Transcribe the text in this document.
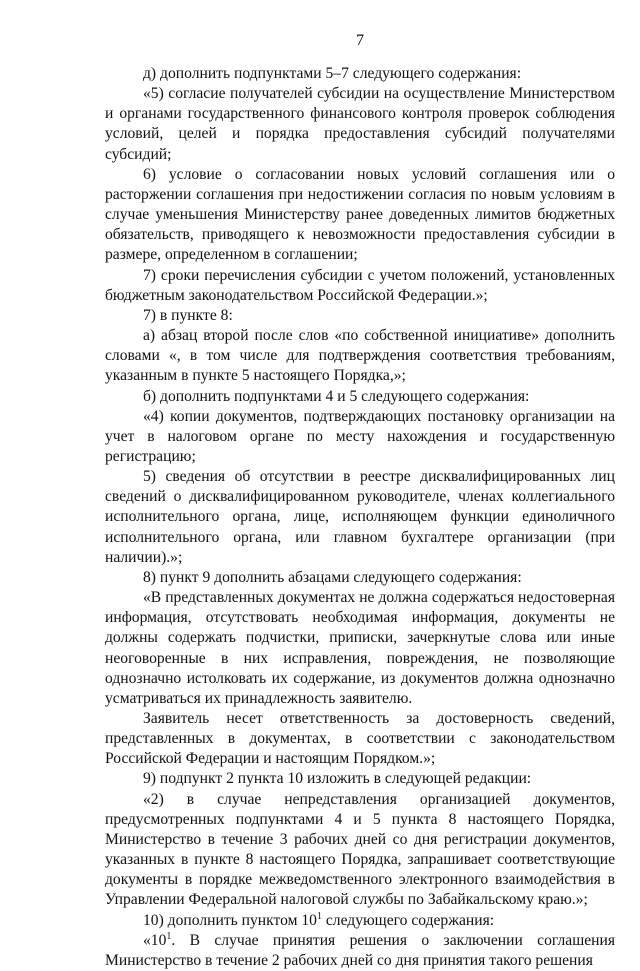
7

д) дополнить подпунктами 5–7 следующего содержания:

«5) согласие получателей субсидии на осуществление Министерством и органами государственного финансового контроля проверок соблюдения условий, целей и порядка предоставления субсидий получателями субсидий;

6) условие о согласовании новых условий соглашения или о расторжении соглашения при недостижении согласия по новым условиям в случае уменьшения Министерству ранее доведенных лимитов бюджетных обязательств, приводящего к невозможности предоставления субсидии в размере, определенном в соглашении;

7) сроки перечисления субсидии с учетом положений, установленных бюджетным законодательством Российской Федерации.»;

7) в пункте 8:

а) абзац второй после слов «по собственной инициативе» дополнить словами «, в том числе для подтверждения соответствия требованиям, указанным в пункте 5 настоящего Порядка,»;

б) дополнить подпунктами 4 и 5 следующего содержания:

«4) копии документов, подтверждающих постановку организации на учет в налоговом органе по месту нахождения и государственную регистрацию;

5) сведения об отсутствии в реестре дисквалифицированных лиц сведений о дисквалифицированном руководителе, членах коллегиального исполнительного органа, лице, исполняющем функции единоличного исполнительного органа, или главном бухгалтере организации (при наличии).»;

8) пункт 9 дополнить абзацами следующего содержания:

«В представленных документах не должна содержаться недостоверная информация, отсутствовать необходимая информация, документы не должны содержать подчистки, приписки, зачеркнутые слова или иные неоговоренные в них исправления, повреждения, не позволяющие однозначно истолковать их содержание, из документов должна однозначно усматриваться их принадлежность заявителю.

Заявитель несет ответственность за достоверность сведений, представленных в документах, в соответствии с законодательством Российской Федерации и настоящим Порядком.»;

9) подпункт 2 пункта 10 изложить в следующей редакции:

«2) в случае непредставления организацией документов, предусмотренных подпунктами 4 и 5 пункта 8 настоящего Порядка, Министерство в течение 3 рабочих дней со дня регистрации документов, указанных в пункте 8 настоящего Порядка, запрашивает соответствующие документы в порядке межведомственного электронного взаимодействия в Управлении Федеральной налоговой службы по Забайкальскому краю.»;

10) дополнить пунктом $10^1$ следующего содержания:

«$10^1$. В случае принятия решения о заключении соглашения Министерство в течение 2 рабочих дней со дня принятия такого решения
